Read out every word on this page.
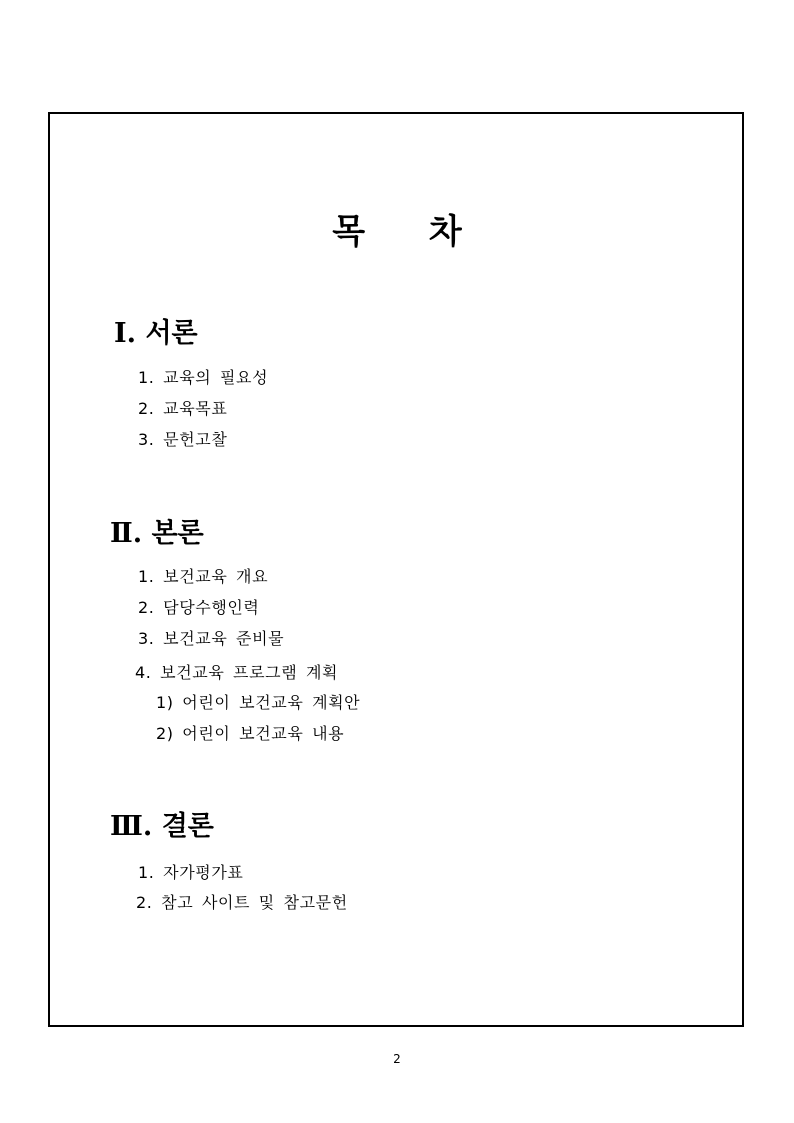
목 차
Ⅰ. 서론

1. 교육의 필요성

2. 교육목표

3. 문헌고찰

Ⅱ. 본론

1. 보건교육 개요

2. 담당수행인력

3. 보건교육 준비물

4. 보건교육 프로그램 계획

1) 어린이 보건교육 계획안

2) 어린이 보건교육 내용

Ⅲ. 결론

1. 자가평가표

2. 참고 사이트 및 참고문헌

2
